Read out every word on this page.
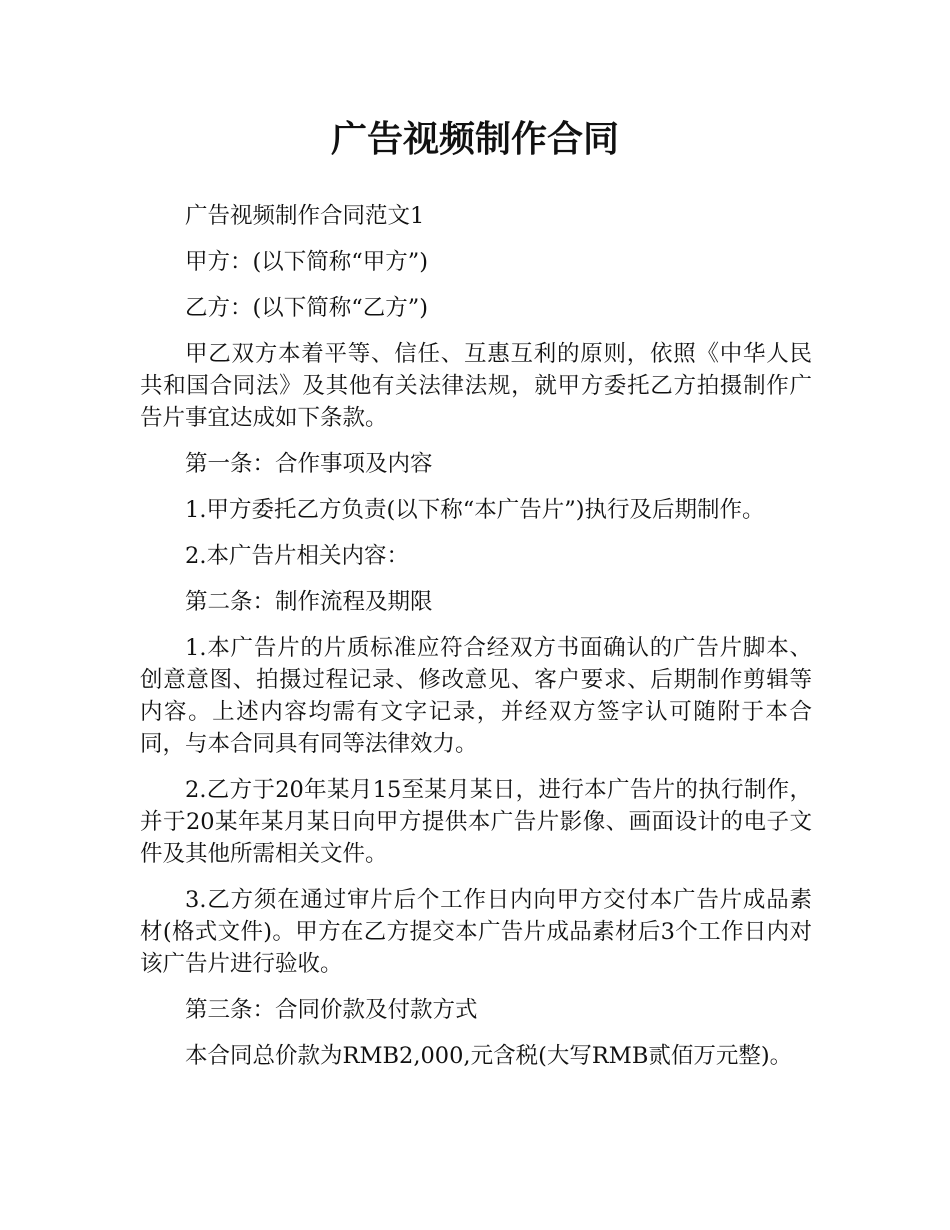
广告视频制作合同

广告视频制作合同范文1

甲方：(以下简称“甲方”)

乙方：(以下简称“乙方”)

甲乙双方本着平等、信任、互惠互利的原则，依照《中华人民共和国合同法》及其他有关法律法规，就甲方委托乙方拍摄制作广告片事宜达成如下条款。

第一条：合作事项及内容

1.甲方委托乙方负责(以下称“本广告片”)执行及后期制作。

2.本广告片相关内容：

第二条：制作流程及期限

1.本广告片的片质标准应符合经双方书面确认的广告片脚本、创意意图、拍摄过程记录、修改意见、客户要求、后期制作剪辑等内容。上述内容均需有文字记录，并经双方签字认可随附于本合同，与本合同具有同等法律效力。

2.乙方于20年某月15至某月某日，进行本广告片的执行制作，并于20某年某月某日向甲方提供本广告片影像、画面设计的电子文件及其他所需相关文件。

3.乙方须在通过审片后个工作日内向甲方交付本广告片成品素材(格式文件)。甲方在乙方提交本广告片成品素材后3个工作日内对该广告片进行验收。

第三条：合同价款及付款方式

本合同总价款为RMB2,000,元含税(大写RMB贰佰万元整)。
